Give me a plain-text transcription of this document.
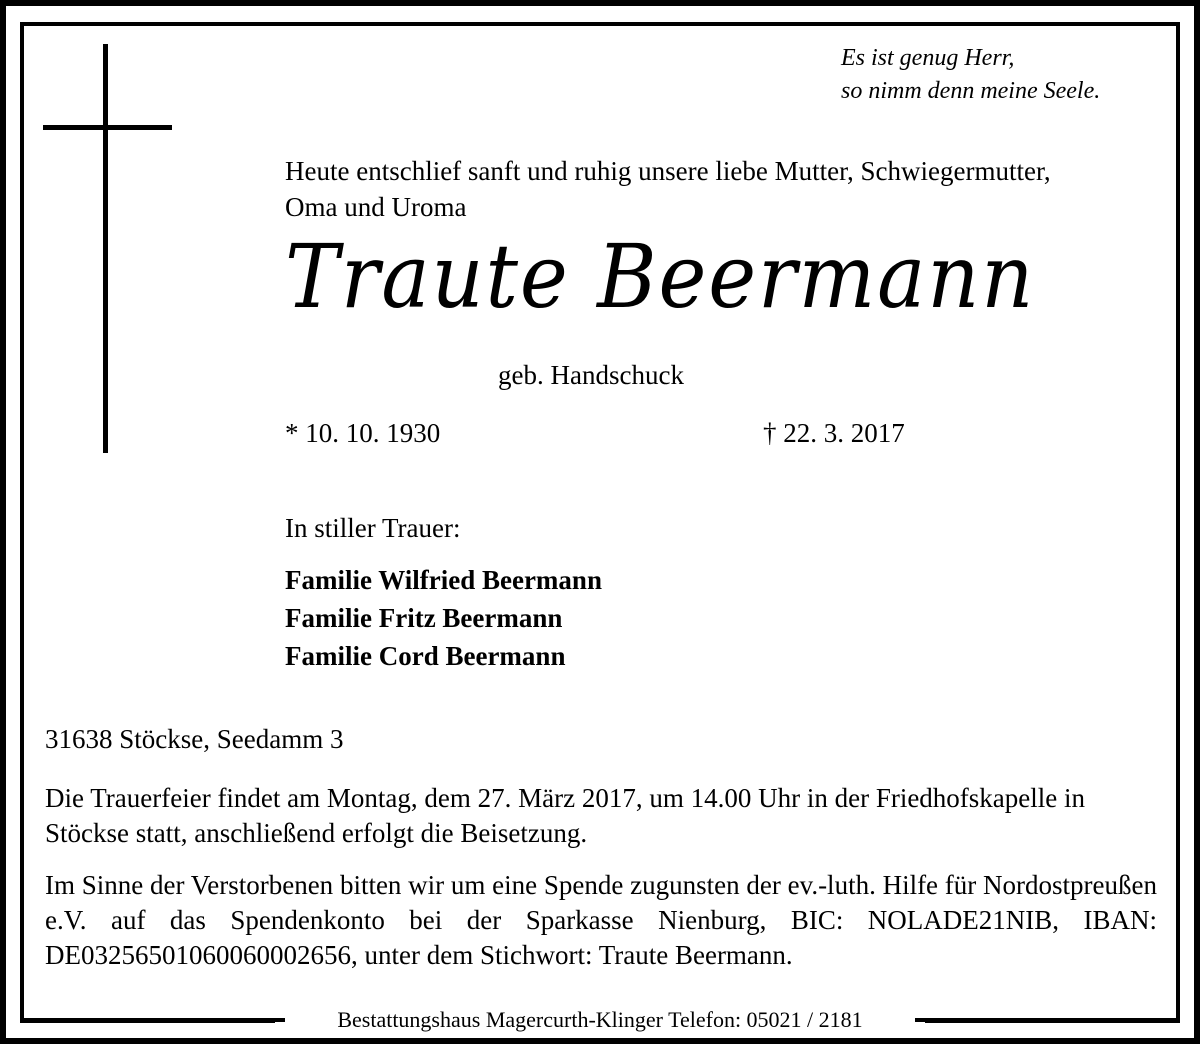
Es ist genug Herr,
so nimm denn meine Seele.
Heute entschlief sanft und ruhig unsere liebe Mutter, Schwiegermutter,
Oma und Uroma
Traute Beermann
geb. Handschuck
* 10. 10. 1930	† 22. 3. 2017
In stiller Trauer:
Familie Wilfried Beermann
Familie Fritz Beermann
Familie Cord Beermann
31638 Stöckse, Seedamm 3
Die Trauerfeier findet am Montag, dem 27. März 2017, um 14.00 Uhr in der Friedhofskapelle in Stöckse statt, anschließend erfolgt die Beisetzung.
Im Sinne der Verstorbenen bitten wir um eine Spende zugunsten der ev.-luth. Hilfe für Nordostpreußen e.V. auf das Spendenkonto bei der Sparkasse Nienburg, BIC: NOLADE21NIB, IBAN: DE03256501060060002656, unter dem Stichwort: Traute Beermann.
Bestattungshaus Magercurth-Klinger Telefon: 05021 / 2181
